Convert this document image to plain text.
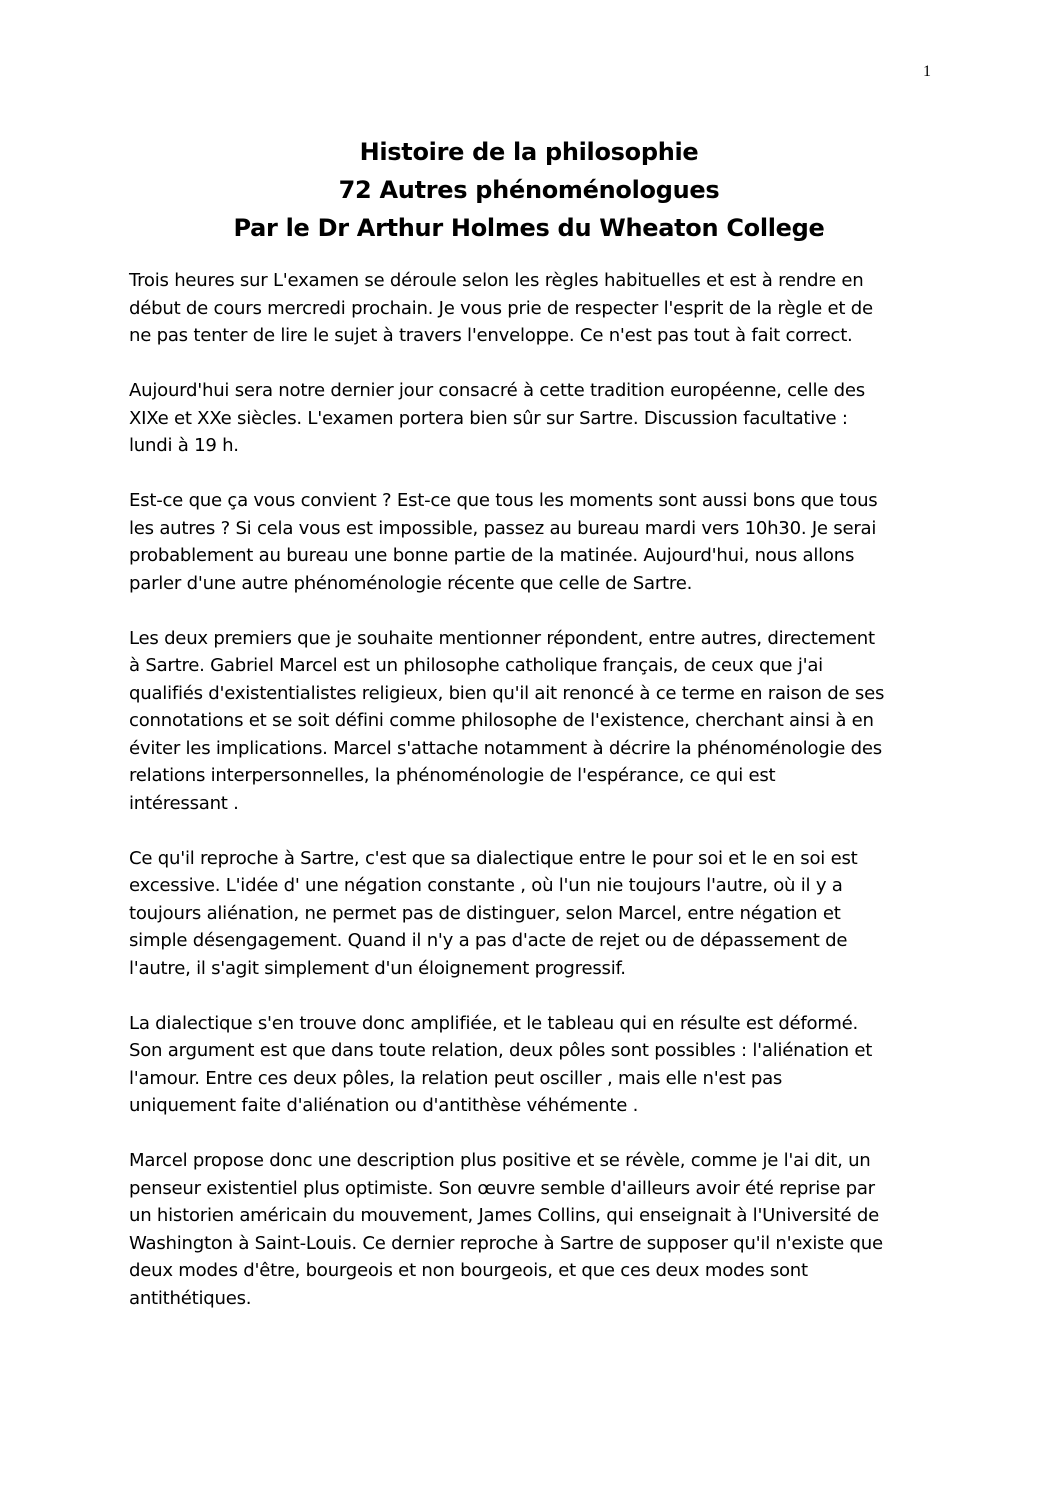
1
Histoire de la philosophie
72 Autres phénoménologues
Par le Dr Arthur Holmes du Wheaton College

Trois heures sur L'examen se déroule selon les règles habituelles et est à rendre en
début de cours mercredi prochain. Je vous prie de respecter l'esprit de la règle et de
ne pas tenter de lire le sujet à travers l'enveloppe. Ce n'est pas tout à fait correct.

Aujourd'hui sera notre dernier jour consacré à cette tradition européenne, celle des
XIXe et XXe siècles. L'examen portera bien sûr sur Sartre. Discussion facultative :
lundi à 19 h.

Est-ce que ça vous convient ? Est-ce que tous les moments sont aussi bons que tous
les autres ? Si cela vous est impossible, passez au bureau mardi vers 10h30. Je serai
probablement au bureau une bonne partie de la matinée. Aujourd'hui, nous allons
parler d'une autre phénoménologie récente que celle de Sartre.

Les deux premiers que je souhaite mentionner répondent, entre autres, directement
à Sartre. Gabriel Marcel est un philosophe catholique français, de ceux que j'ai
qualifiés d'existentialistes religieux, bien qu'il ait renoncé à ce terme en raison de ses
connotations et se soit défini comme philosophe de l'existence, cherchant ainsi à en
éviter les implications. Marcel s'attache notamment à décrire la phénoménologie des
relations interpersonnelles, la phénoménologie de l'espérance, ce qui est
intéressant .

Ce qu'il reproche à Sartre, c'est que sa dialectique entre le pour soi et le en soi est
excessive. L'idée d' une négation constante , où l'un nie toujours l'autre, où il y a
toujours aliénation, ne permet pas de distinguer, selon Marcel, entre négation et
simple désengagement. Quand il n'y a pas d'acte de rejet ou de dépassement de
l'autre, il s'agit simplement d'un éloignement progressif.

La dialectique s'en trouve donc amplifiée, et le tableau qui en résulte est déformé.
Son argument est que dans toute relation, deux pôles sont possibles : l'aliénation et
l'amour. Entre ces deux pôles, la relation peut osciller , mais elle n'est pas
uniquement faite d'aliénation ou d'antithèse véhémente .

Marcel propose donc une description plus positive et se révèle, comme je l'ai dit, un
penseur existentiel plus optimiste. Son œuvre semble d'ailleurs avoir été reprise par
un historien américain du mouvement, James Collins, qui enseignait à l'Université de
Washington à Saint-Louis. Ce dernier reproche à Sartre de supposer qu'il n'existe que
deux modes d'être, bourgeois et non bourgeois, et que ces deux modes sont
antithétiques.
